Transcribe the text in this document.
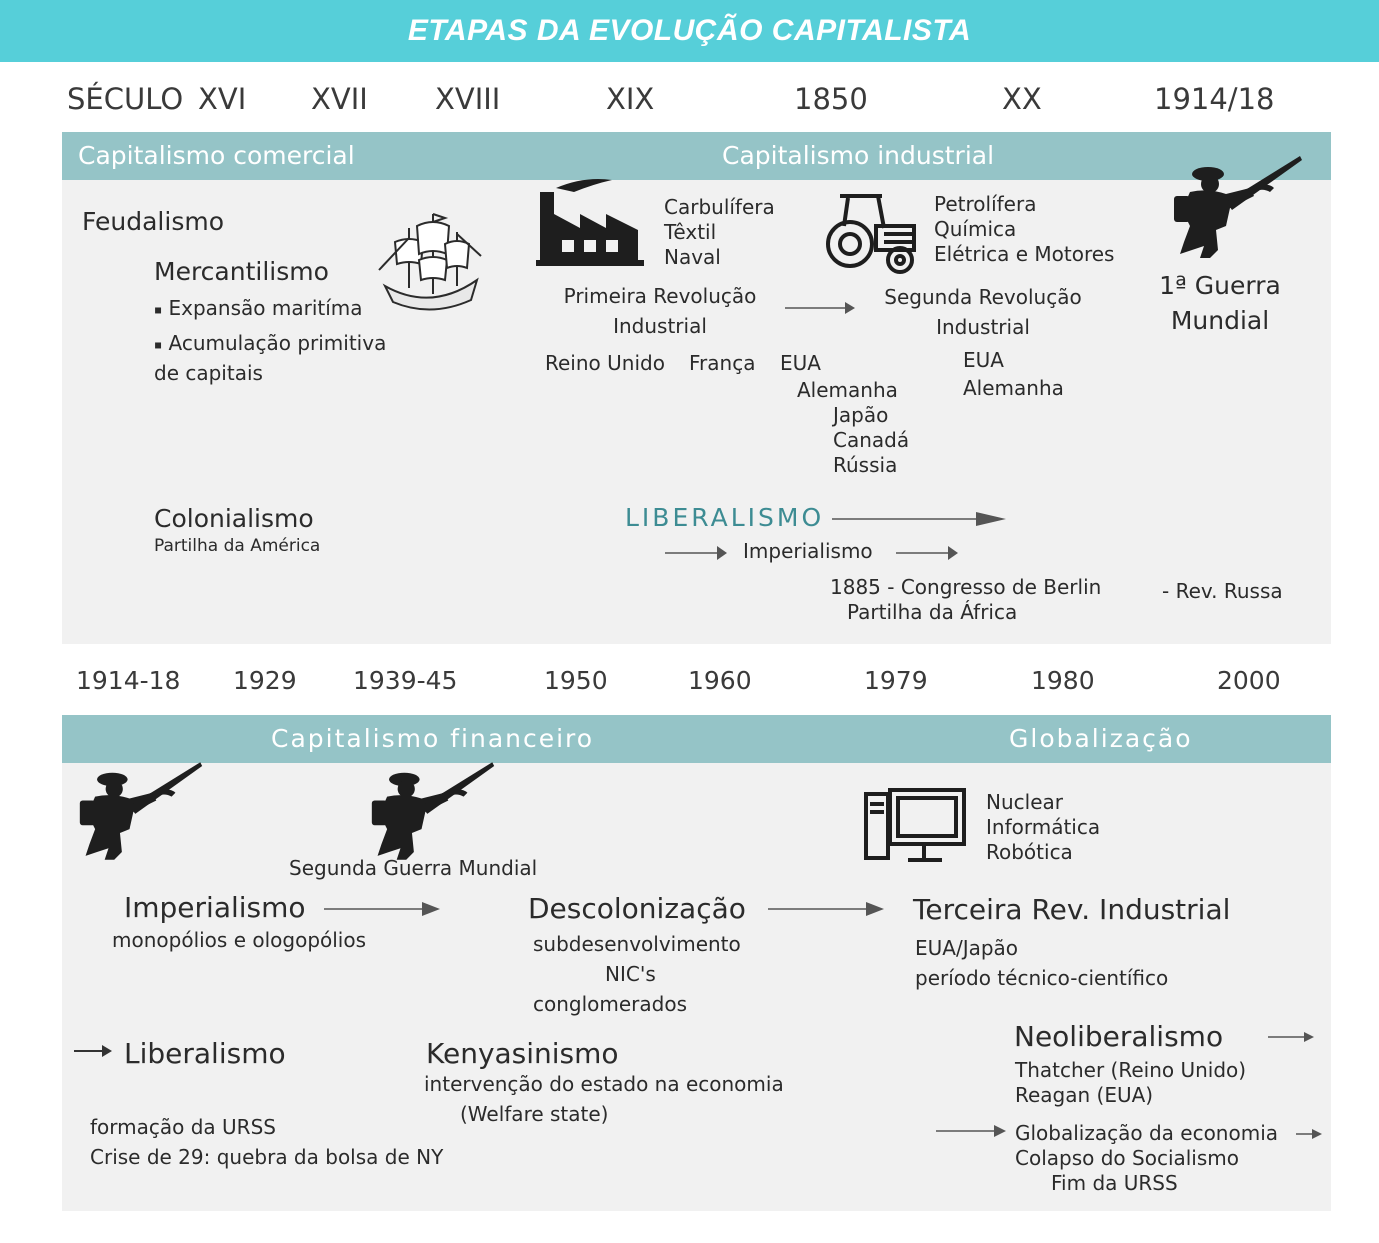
ETAPAS DA EVOLUÇÃO CAPITALISTA
SÉCULO XVI XVII XVIII	XIX	1850	XX	1914/18
Capitalismo comercial	Capitalismo industrial
Feudalismo
Mercantilismo
▪ Expansão maritíma
▪ Acumulação primitiva
de capitais
Colonialismo
Partilha da América
Carbulífera
Têxtil
Naval
Primeira Revolução
Industrial
Reino Unido França EUA
Alemanha
Japão
Canadá
Rússia
Petrolífera
Química
Elétrica e Motores
Segunda Revolução
Industrial
EUA
Alemanha
1ª Guerra
Mundial
LIBERALISMO
Imperialismo
1885 - Congresso de Berlin
Partilha da África
- Rev. Russa
1914-18 1929 1939-45	1950	1960	1979	1980	2000
Capitalismo financeiro	Globalização
Segunda Guerra Mundial
Imperialismo
monopólios e ologopólios
Descolonização
subdesenvolvimento
NIC's
conglomerados
Nuclear
Informática
Robótica
Terceira Rev. Industrial
EUA/Japão
período técnico-científico
Liberalismo
formação da URSS
Crise de 29: quebra da bolsa de NY
Kenyasinismo
intervenção do estado na economia
(Welfare state)
Neoliberalismo
Thatcher (Reino Unido)
Reagan (EUA)
Globalização da economia
Colapso do Socialismo
Fim da URSS
